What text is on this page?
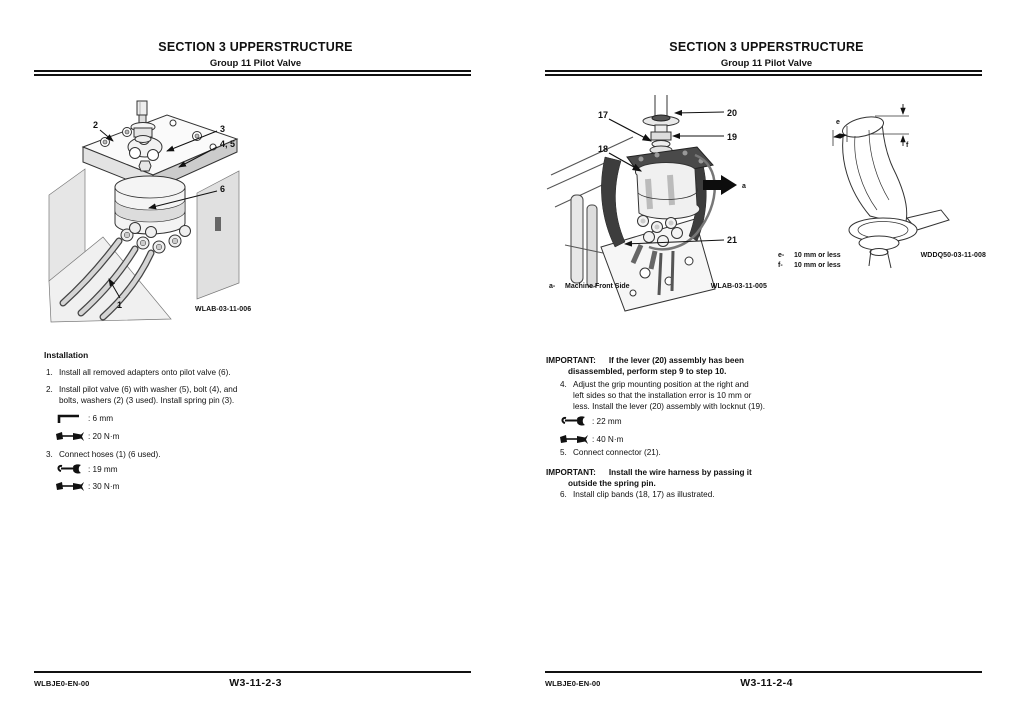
SECTION 3 UPPERSTRUCTURE
Group 11 Pilot Valve
2	3
4, 5
6
1	WLAB-03-11-006
Installation
1. Install all removed adapters onto pilot valve (6).
2. Install pilot valve (6) with washer (5), bolt (4), and
bolts, washers (2) (3 used). Install spring pin (3).
: 6 mm
: 20 N·m
3. Connect hoses (1) (6 used).
: 19 mm
: 30 N·m
WLBJE0-EN-00	W3-11-2-3
SECTION 3 UPPERSTRUCTURE
Group 11 Pilot Valve
a
17	20
19
18
21
a-	Machine Front Side	WLAB-03-11-005
e
f
e-	10 mm or less
f-	10 mm or less
WDDQ50-03-11-008
IMPORTANT: If the lever (20) assembly has been
disassembled, perform step 9 to step 10.
4. Adjust the grip mounting position at the right and
left sides so that the installation error is 10 mm or
less. Install the lever (20) assembly with locknut (19).
: 22 mm
: 40 N·m
5. Connect connector (21).
IMPORTANT: Install the wire harness by passing it
outside the spring pin.
6. Install clip bands (18, 17) as illustrated.
WLBJE0-EN-00	W3-11-2-4
